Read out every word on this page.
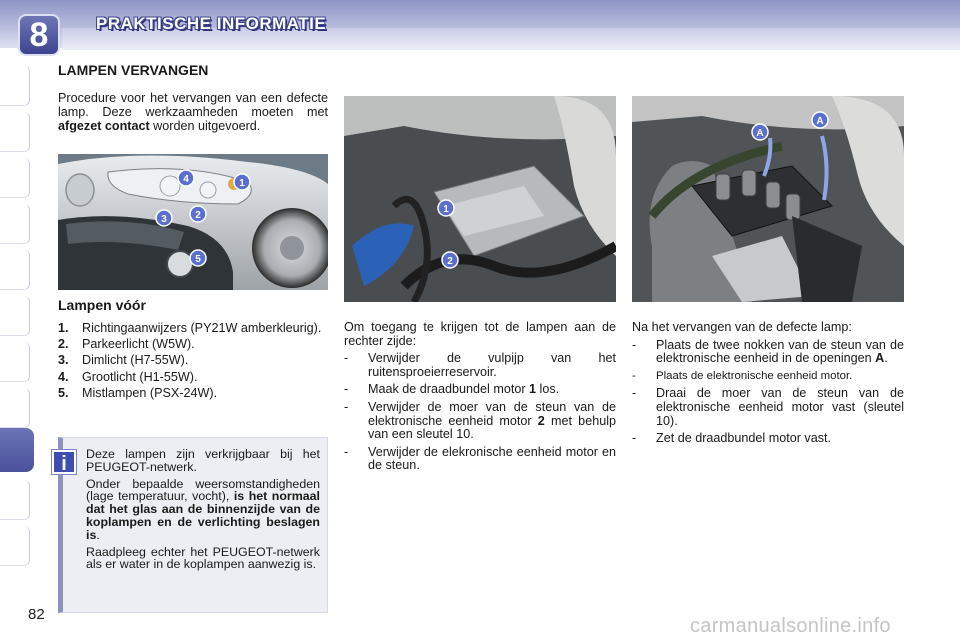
8	PRAKTISCHE INFORMATIE
82
LAMPEN VERVANGEN

Procedure voor het vervangen van een defecte lamp. Deze werkzaamheden moeten met afgezet contact worden uitgevoerd.

1
2
3
4
5
Lampen vóór
1.	Richtingaanwijzers (PY21W amberkleurig).
2.	Parkeerlicht (W5W).
3.	Dimlicht (H7-55W).
4.	Grootlicht (H1-55W).
5.	Mistlampen (PSX-24W).
i	Deze lampen zijn verkrijgbaar bij het PEUGEOT-netwerk.

Onder bepaalde weersomstandigheden (lage temperatuur, vocht), is het normaal dat het glas aan de binnenzijde van de koplampen en de verlichting beslagen is.

Raadpleeg echter het PEUGEOT-netwerk als er water in de koplampen aanwezig is.

1
2
A
A

Om toegang te krijgen tot de lampen aan de rechter zijde:

-	Verwijder de vulpijp van het ruitensproeierreservoir.
-	Maak de draadbundel motor 1 los.
-	Verwijder de moer van de steun van de elektronische eenheid motor 2 met behulp van een sleutel 10.
-	Verwijder de elekronische eenheid motor en de steun.

Na het vervangen van de defecte lamp:

-	Plaats de twee nokken van de steun van de elektronische eenheid in de openingen A.
-	Plaats de elektronische eenheid motor.
-	Draai de moer van de steun van de elektronische eenheid motor vast (sleutel 10).
-	Zet de draadbundel motor vast.
carmanualsonline.info
